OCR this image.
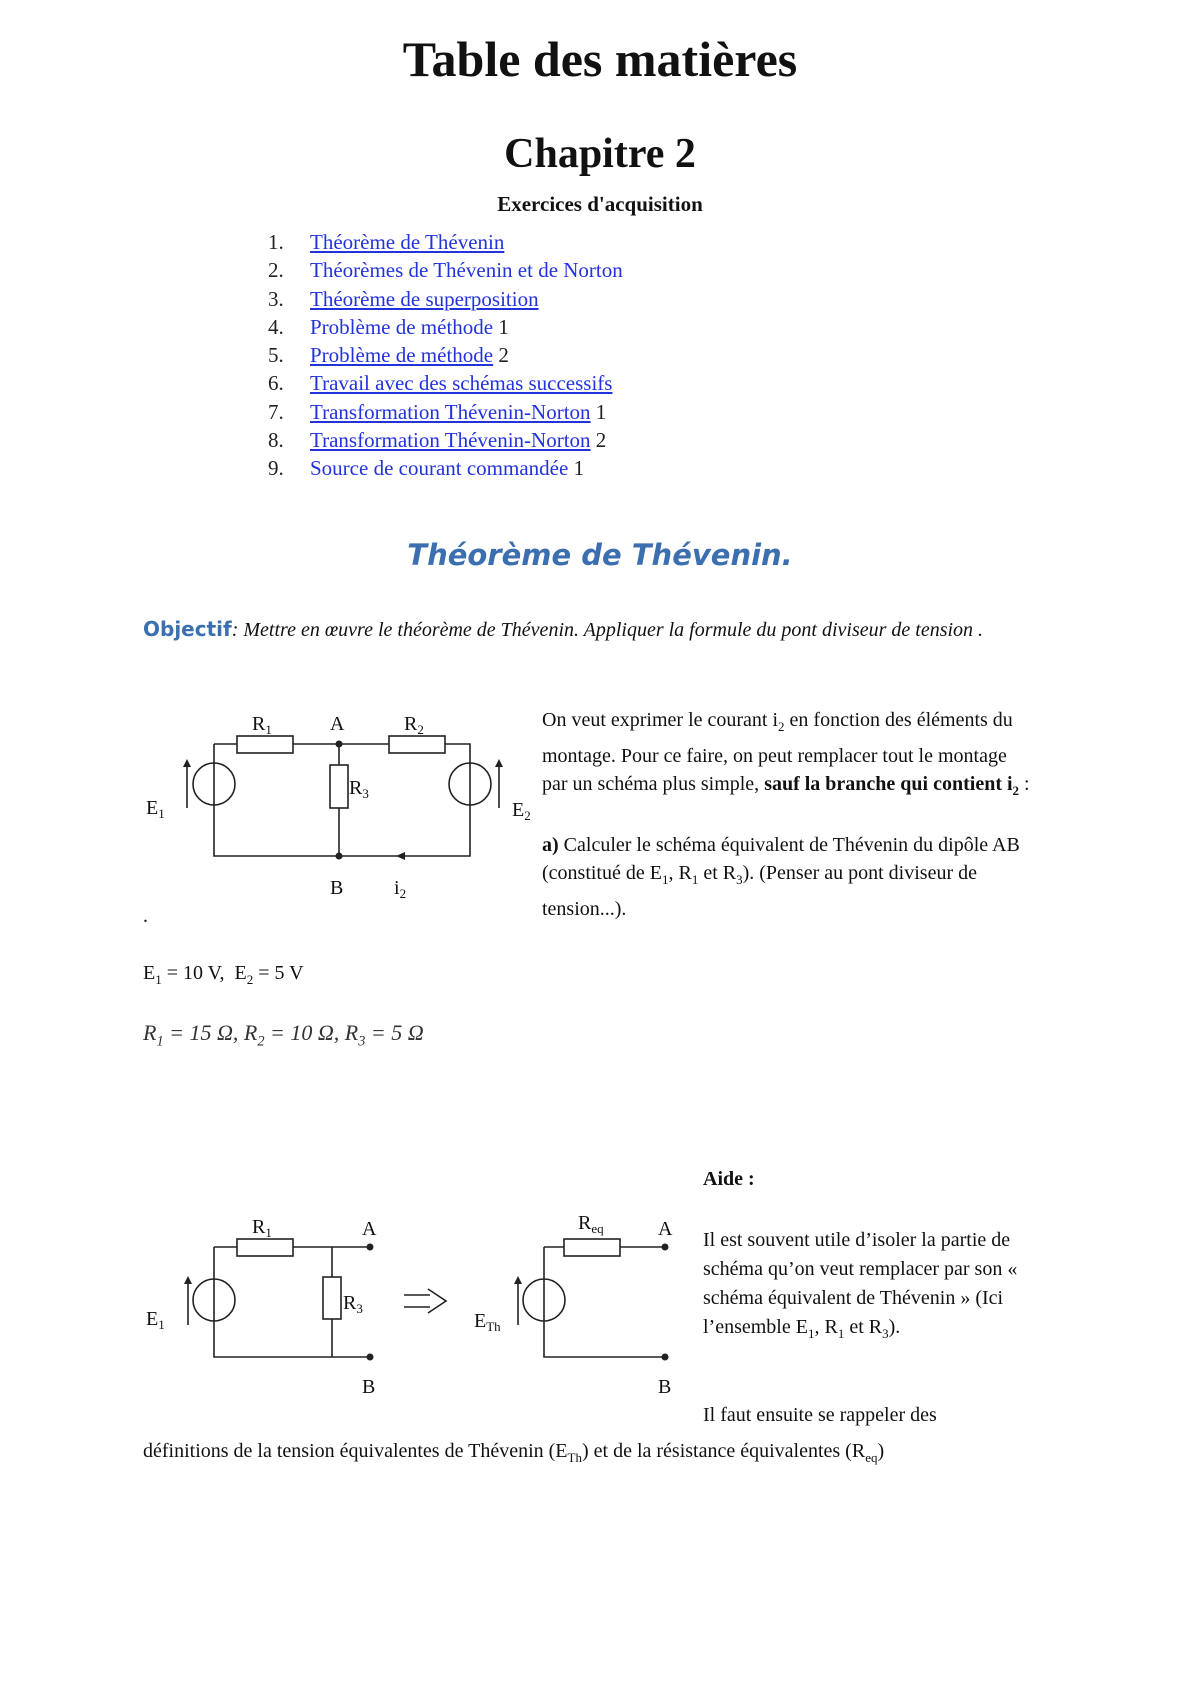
Table des matières
Chapitre 2
Exercices d'acquisition
1. Théorème de Thévenin
2. Théorèmes de Thévenin et de Norton
3. Théorème de superposition
4. Problème de méthode 1
5. Problème de méthode 2
6. Travail avec des schémas successifs
7. Transformation Thévenin-Norton 1
8. Transformation Thévenin-Norton 2
9. Source de courant commandée 1
Théorème de Thévenin.
Objectif: Mettre en œuvre le théorème de Thévenin. Appliquer la formule du pont diviseur de tension .
$R_1$	A	$R_2$
$R_3$
$E_1$	$E_2$
B	$i_2$

On veut exprimer le courant $i_2$ en fonction des éléments du montage. Pour ce faire, on peut remplacer tout le montage par un schéma plus simple, sauf la branche qui contient $i_2$ :

a) Calculer le schéma équivalent de Thévenin du dipôle AB (constitué de $E_1$, $R_1$ et $R_3$). (Penser au pont diviseur de tension...).

.
$E_1 = 10$ V,  $E_2 = 5$ V
$R_1 = 15$ Ω, $R_2 = 10$ Ω, $R_3 = 5$ Ω
$R_1$	A
$R_3$
$E_1$
B
$R_{eq}$	A
$E_{Th}$
B
Aide :
Il est souvent utile d’isoler la partie de schéma qu’on veut remplacer par son « schéma équivalent de Thévenin » (Ici l’ensemble $E_1$, $R_1$ et $R_3$).
Il faut ensuite se rappeler des
définitions de la tension équivalentes de Thévenin $(E_{Th})$ et de la résistance équivalentes $(R_{eq})$
